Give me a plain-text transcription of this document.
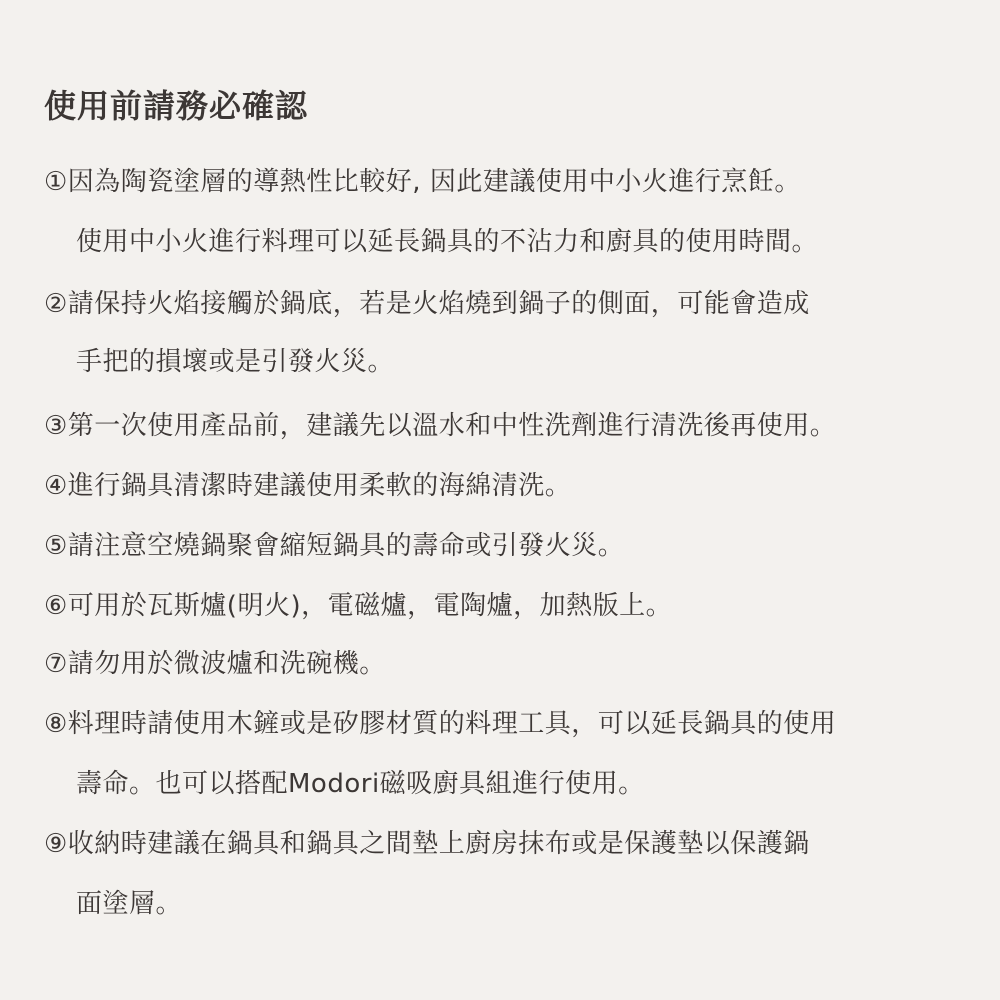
使用前請務必確認
①因為陶瓷塗層的導熱性比較好, 因此建議使用中小火進行烹飪。
使用中小火進行料理可以延長鍋具的不沾力和廚具的使用時間。
②請保持火焰接觸於鍋底，若是火焰燒到鍋子的側面，可能會造成
手把的損壞或是引發火災。
③第一次使用產品前，建議先以溫水和中性洗劑進行清洗後再使用。
④進行鍋具清潔時建議使用柔軟的海綿清洗。
⑤請注意空燒鍋聚會縮短鍋具的壽命或引發火災。
⑥可用於瓦斯爐(明火)，電磁爐，電陶爐，加熱版上。
⑦請勿用於微波爐和洗碗機。
⑧料理時請使用木鏟或是矽膠材質的料理工具，可以延長鍋具的使用
壽命。也可以搭配Modori磁吸廚具組進行使用。
⑨收納時建議在鍋具和鍋具之間墊上廚房抹布或是保護墊以保護鍋
面塗層。
